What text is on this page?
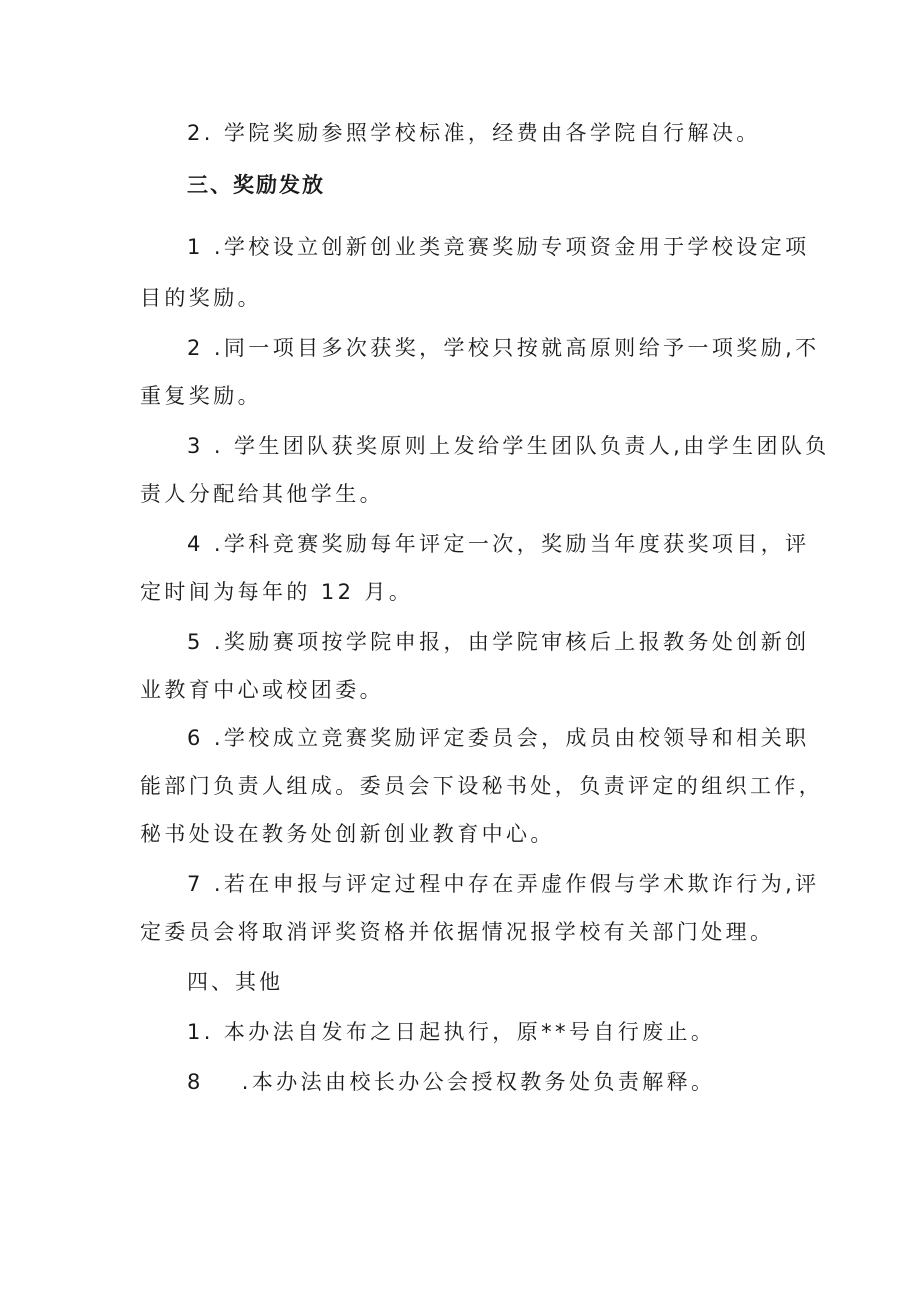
2. 学院奖励参照学校标准，经费由各学院自行解决。
三、奖励发放
1 .学校设立创新创业类竞赛奖励专项资金用于学校设定项
目的奖励。
2 .同一项目多次获奖，学校只按就高原则给予一项奖励,不
重复奖励。
3 . 学生团队获奖原则上发给学生团队负责人,由学生团队负
责人分配给其他学生。
4 .学科竞赛奖励每年评定一次，奖励当年度获奖项目，评
定时间为每年的 12 月。
5 .奖励赛项按学院申报，由学院审核后上报教务处创新创
业教育中心或校团委。
6 .学校成立竞赛奖励评定委员会，成员由校领导和相关职
能部门负责人组成。委员会下设秘书处，负责评定的组织工作，
秘书处设在教务处创新创业教育中心。
7 .若在申报与评定过程中存在弄虚作假与学术欺诈行为,评
定委员会将取消评奖资格并依据情况报学校有关部门处理。
四、其他
1. 本办法自发布之日起执行，原**号自行废止。
8 .本办法由校长办公会授权教务处负责解释。
